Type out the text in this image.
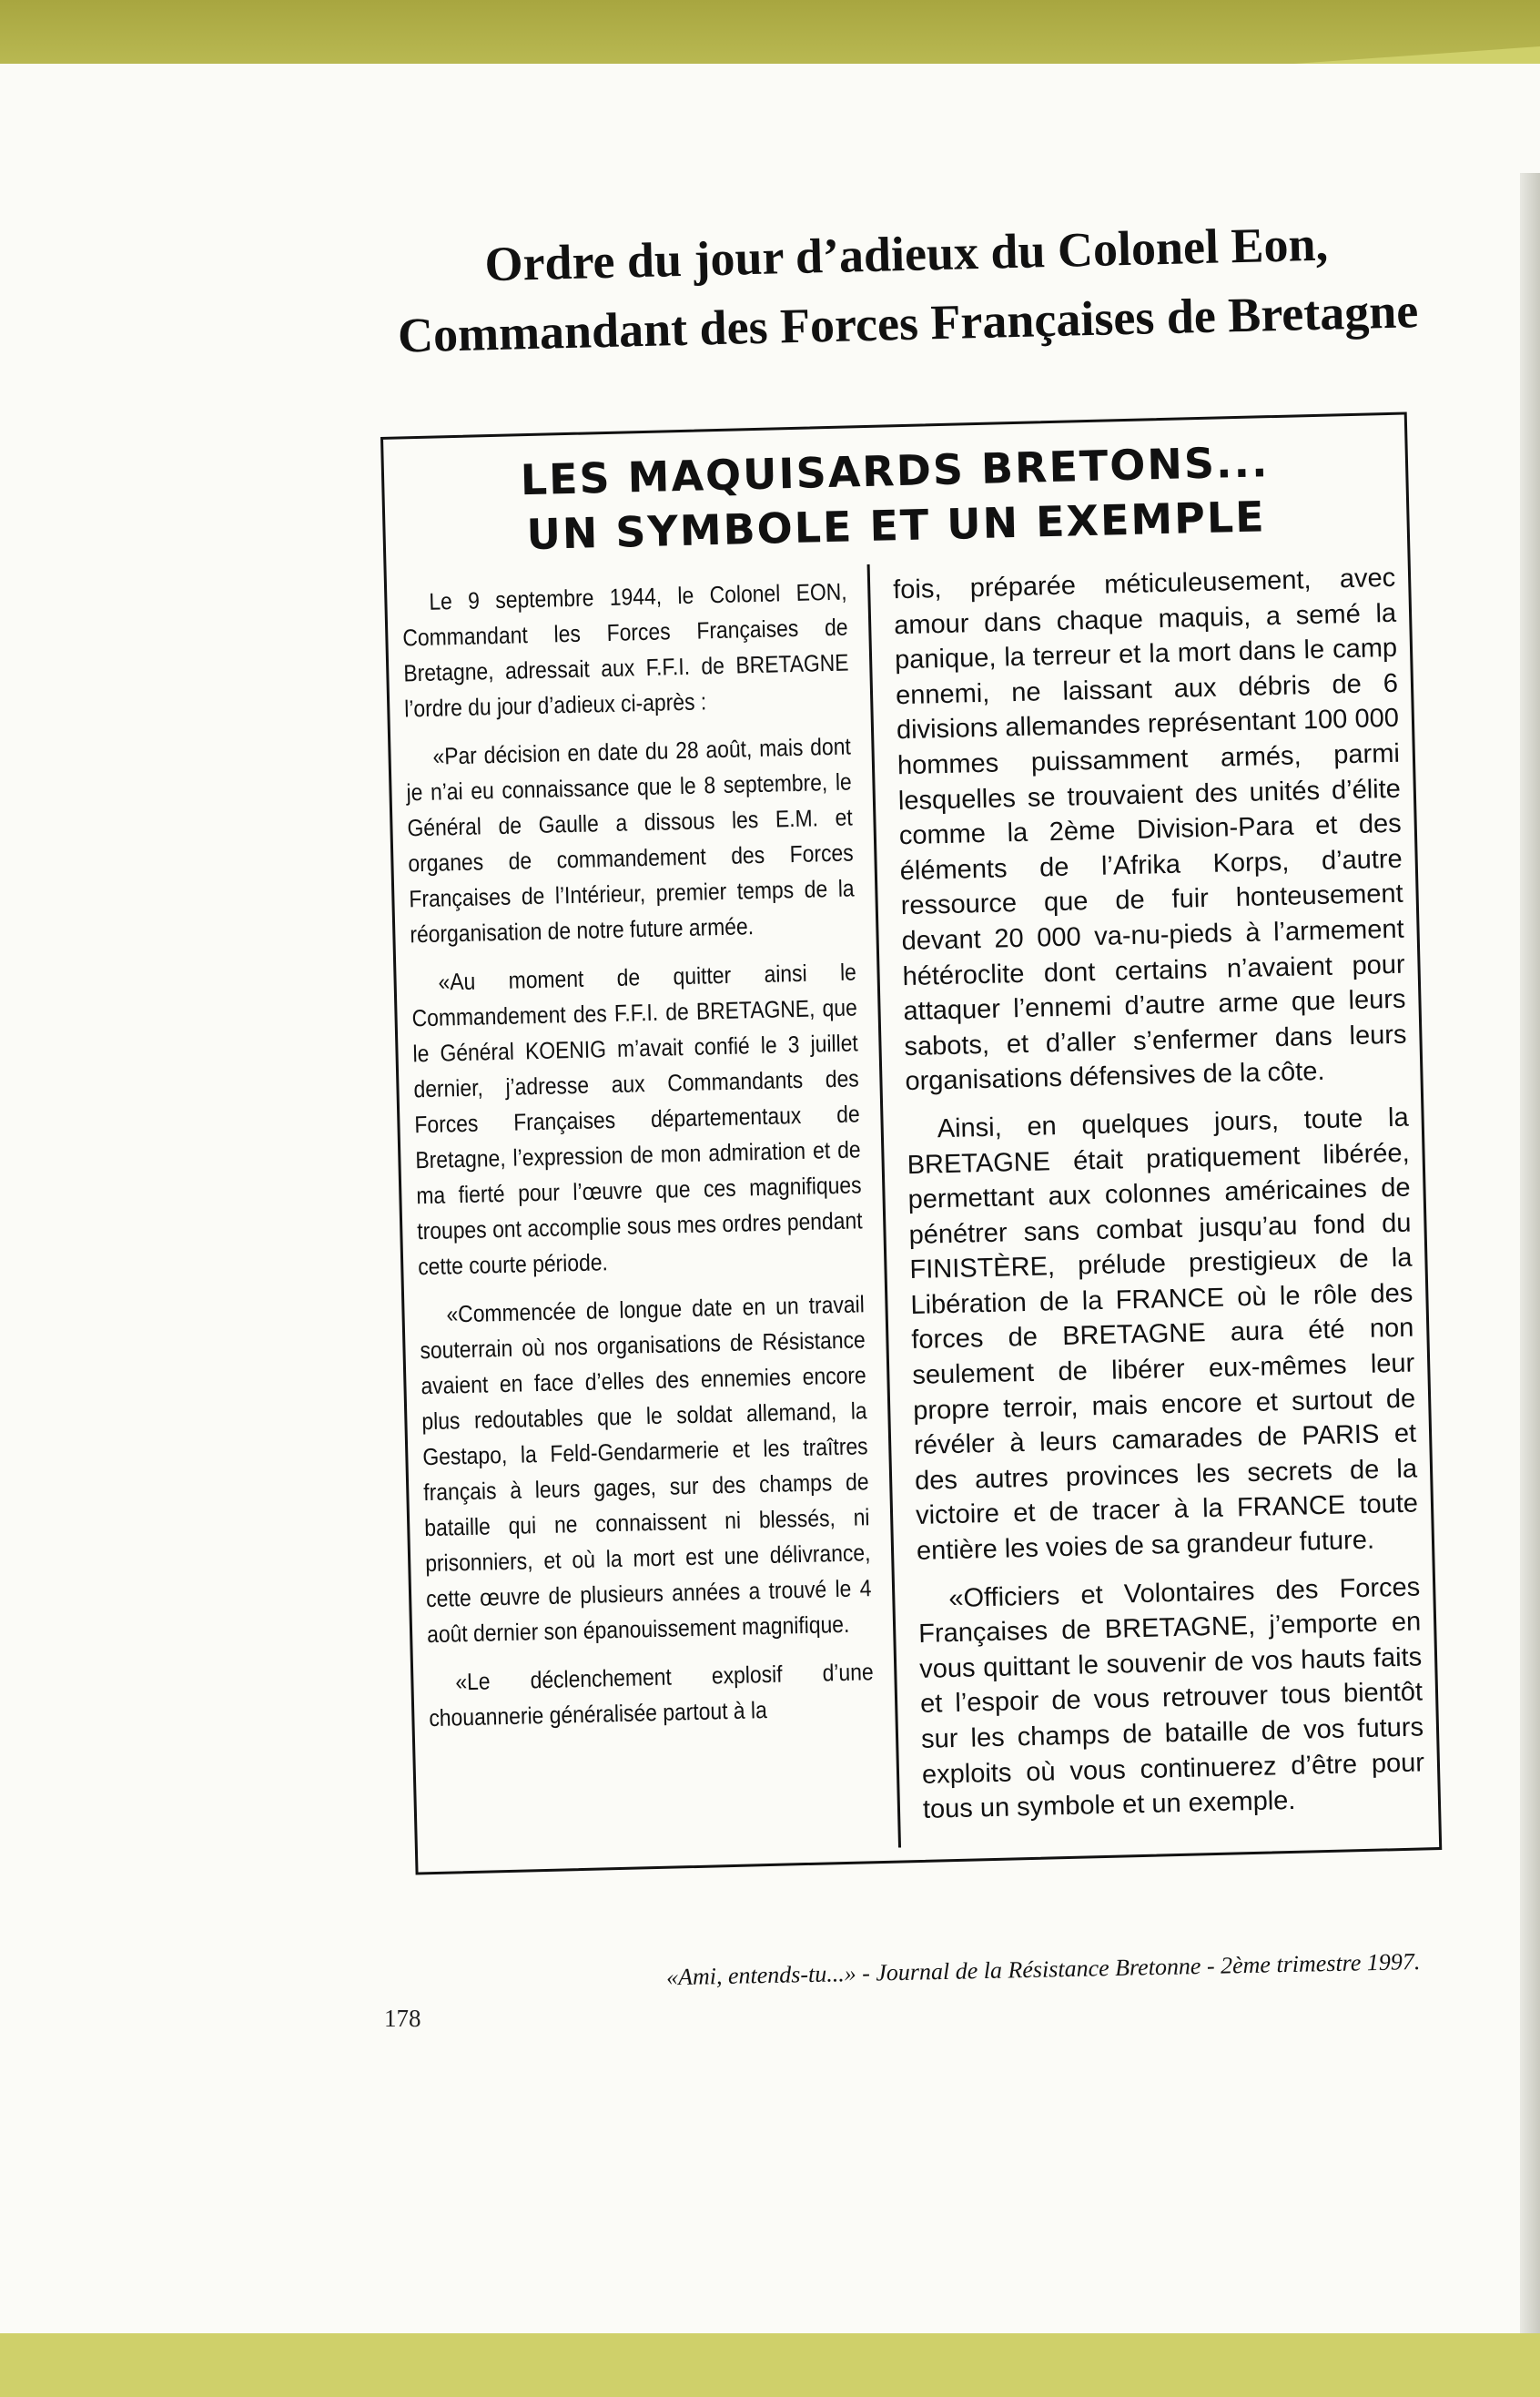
Ordre du jour d’adieux du Colonel Eon,
Commandant des Forces Françaises de Bretagne
LES MAQUISARDS BRETONS...
UN SYMBOLE ET UN EXEMPLE

Le 9 septembre 1944, le Colonel EON, Commandant les Forces Françaises de Bretagne, adressait aux F.F.I. de BRETAGNE l’ordre du jour d’adieux ci-après :

«Par décision en date du 28 août, mais dont je n’ai eu connaissance que le 8 septembre, le Général de Gaulle a dissous les E.M. et organes de commandement des Forces Françaises de l’Intérieur, premier temps de la réorganisation de notre future armée.

«Au moment de quitter ainsi le Commandement des F.F.I. de BRETAGNE, que le Général KOENIG m’avait confié le 3 juillet dernier, j’adresse aux Commandants des Forces Françaises départementaux de Bretagne, l’expression de mon admiration et de ma fierté pour l’œuvre que ces magnifiques troupes ont accomplie sous mes ordres pendant cette courte période.

«Commencée de longue date en un travail souterrain où nos organisations de Résistance avaient en face d’elles des ennemies encore plus redoutables que le soldat allemand, la Gestapo, la Feld-Gendarmerie et les traîtres français à leurs gages, sur des champs de bataille qui ne connaissent ni blessés, ni prisonniers, et où la mort est une délivrance, cette œuvre de plusieurs années a trouvé le 4 août dernier son épanouissement magnifique.

«Le déclenchement explosif d’une chouannerie généralisée partout à la

fois, préparée méticuleusement, avec amour dans chaque maquis, a semé la panique, la terreur et la mort dans le camp ennemi, ne laissant aux débris de 6 divisions allemandes représentant 100 000 hommes puissamment armés, parmi lesquelles se trouvaient des unités d’élite comme la 2ème Division-Para et des éléments de l’Afrika Korps, d’autre ressource que de fuir honteusement devant 20 000 va-nu-pieds à l’armement hétéroclite dont certains n’avaient pour attaquer l’ennemi d’autre arme que leurs sabots, et d’aller s’enfermer dans leurs organisations défensives de la côte.

Ainsi, en quelques jours, toute la BRETAGNE était pratiquement libérée, permettant aux colonnes américaines de pénétrer sans combat jusqu’au fond du FINISTÈRE, prélude prestigieux de la Libération de la FRANCE où le rôle des forces de BRETAGNE aura été non seulement de libérer eux-mêmes leur propre terroir, mais encore et surtout de révéler à leurs camarades de PARIS et des autres provinces les secrets de la victoire et de tracer à la FRANCE toute entière les voies de sa grandeur future.

«Officiers et Volontaires des Forces Françaises de BRETAGNE, j’emporte en vous quittant le souvenir de vos hauts faits et l’espoir de vous retrouver tous bientôt sur les champs de bataille de vos futurs exploits où vous continuerez d’être pour tous un symbole et un exemple.

«Ami, entends-tu...» - Journal de la Résistance Bretonne - 2ème trimestre 1997.
178
